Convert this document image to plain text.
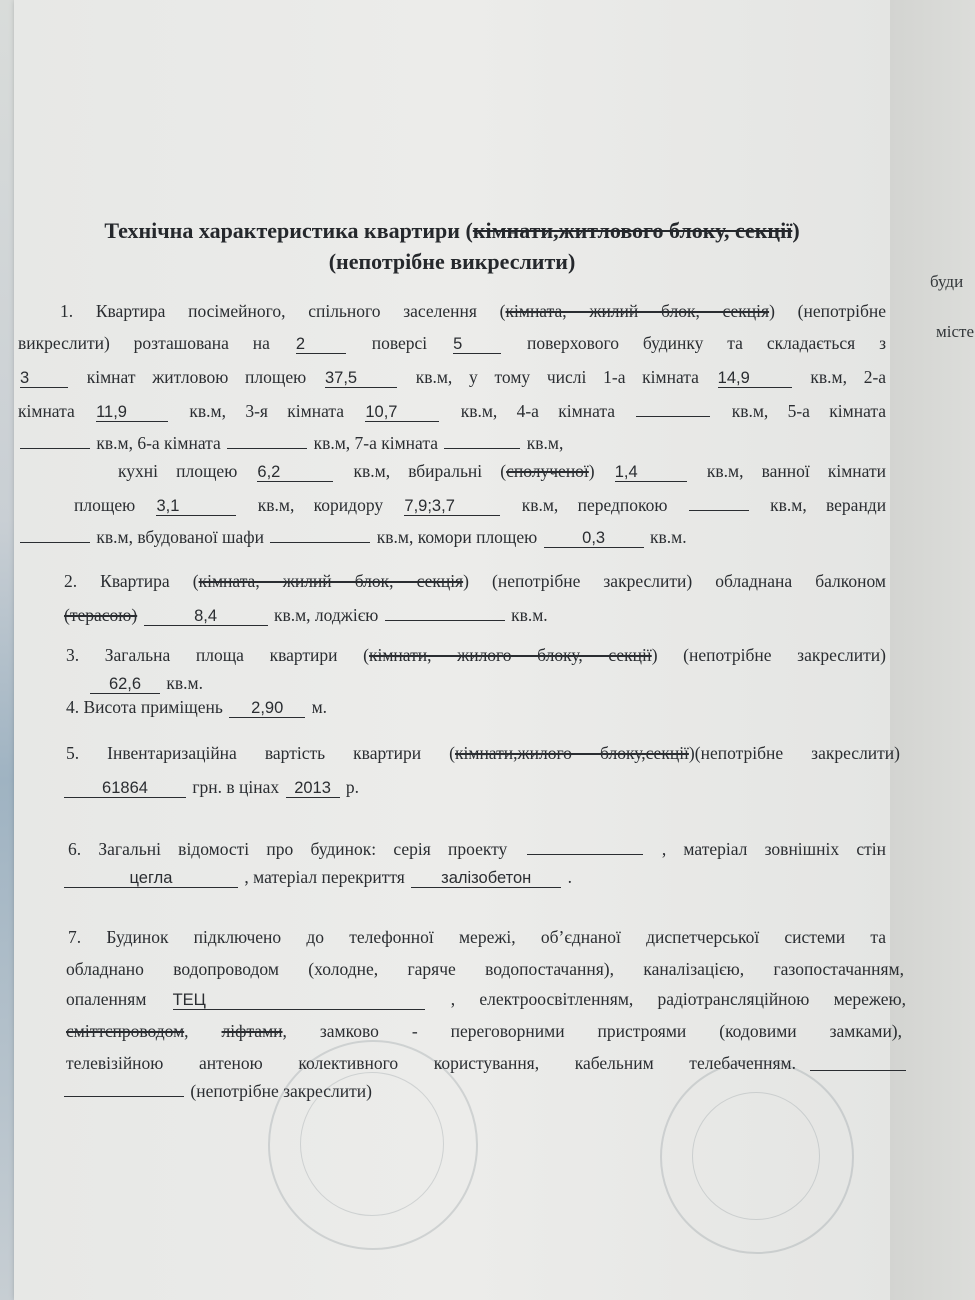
буди
місте
Технічна характеристика квартири (кімнати,житлового блоку, секції)
(непотрібне викреслити)
1. Квартира посімейного, спільного заселення (кімната, жилий блок, секція) (непотрібне
викреслити) розташована на 2	поверсі 5	поверхового будинку та складається з
3	кімнат житловою площею 37,5	кв.м, у тому числі 1-а кімната 14,9	кв.м, 2-а
кімната 11,9	кв.м, 3-я кімната 10,7	кв.м, 4-а кімната	кв.м, 5-а кімната
кв.м, 6-а кімната	кв.м, 7-а кімната	кв.м,
кухні площею 6,2	кв.м, вбиральні (сполученої) 1,4	кв.м, ванної кімнати
площею 3,1	кв.м, коридору 7,9;3,7	кв.м, передпокою	кв.м, веранди
кв.м, вбудованої шафи	кв.м, комори площею	0,3	кв.м.
2. Квартира (кімната, жилий блок, секція) (непотрібне закреслити) обладнана балконом
(терасою)	8,4	кв.м, лоджією	кв.м.
3. Загальна площа квартири (кімнати, жилого блоку, секції) (непотрібне закреслити)
62,6 кв.м.
4. Висота приміщень 2,90 м.
5. Інвентаризаційна вартість квартири (кімнати,жилого блоку,секції)(непотрібне закреслити)
61864	грн. в цінах 2013 р.
6. Загальні відомості про будинок: серія проекту	, матеріал зовнішніх стін
цегла	, матеріал перекриття залізобетон .
7. Будинок підключено до телефонної мережі, об’єднаної диспетчерської системи та
обладнано водопроводом (холодне, гаряче водопостачання), каналізацією, газопостачанням,
опаленням ТЕЦ	, електроосвітленням, радіотрансляційною мережею,
сміттєпроводом, ліфтами, замково - переговорними пристроями (кодовими замками),
телевізійною антеною колективного користування, кабельним телебаченням.
(непотрібне закреслити)
